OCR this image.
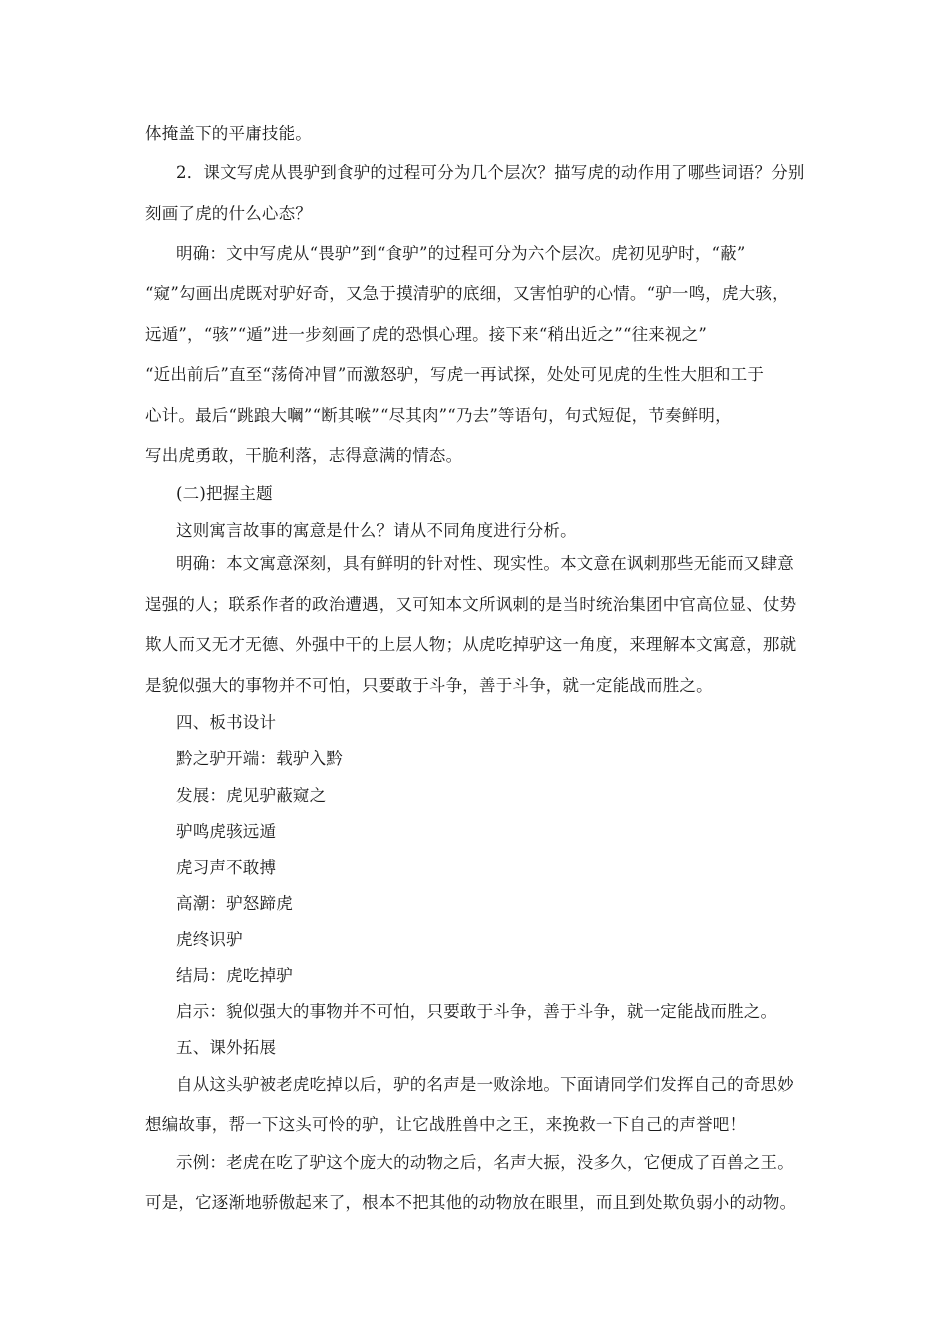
体掩盖下的平庸技能。
2．课文写虎从畏驴到食驴的过程可分为几个层次？描写虎的动作用了哪些词语？分别
刻画了虎的什么心态？
明确：文中写虎从“畏驴”到“食驴”的过程可分为六个层次。虎初见驴时，“蔽”
“窥”勾画出虎既对驴好奇，又急于摸清驴的底细，又害怕驴的心情。“驴一鸣，虎大骇，
远遁”，“骇”“遁”进一步刻画了虎的恐惧心理。接下来“稍出近之”“往来视之”
“近出前后”直至“荡倚冲冒”而激怒驴，写虎一再试探，处处可见虎的生性大胆和工于
心计。最后“跳踉大㘎”“断其喉”“尽其肉”“乃去”等语句，句式短促，节奏鲜明，
写出虎勇敢，干脆利落，志得意满的情态。
(二)把握主题
这则寓言故事的寓意是什么？请从不同角度进行分析。
明确：本文寓意深刻，具有鲜明的针对性、现实性。本文意在讽刺那些无能而又肆意
逞强的人；联系作者的政治遭遇，又可知本文所讽刺的是当时统治集团中官高位显、仗势
欺人而又无才无德、外强中干的上层人物；从虎吃掉驴这一角度，来理解本文寓意，那就
是貌似强大的事物并不可怕，只要敢于斗争，善于斗争，就一定能战而胜之。
四、板书设计
黔之驴开端：载驴入黔
发展：虎见驴蔽窥之
驴鸣虎骇远遁
虎习声不敢搏
高潮：驴怒蹄虎
虎终识驴
结局：虎吃掉驴
启示：貌似强大的事物并不可怕，只要敢于斗争，善于斗争，就一定能战而胜之。
五、课外拓展
自从这头驴被老虎吃掉以后，驴的名声是一败涂地。下面请同学们发挥自己的奇思妙
想编故事，帮一下这头可怜的驴，让它战胜兽中之王，来挽救一下自己的声誉吧！
示例：老虎在吃了驴这个庞大的动物之后，名声大振，没多久，它便成了百兽之王。
可是，它逐渐地骄傲起来了，根本不把其他的动物放在眼里，而且到处欺负弱小的动物。
